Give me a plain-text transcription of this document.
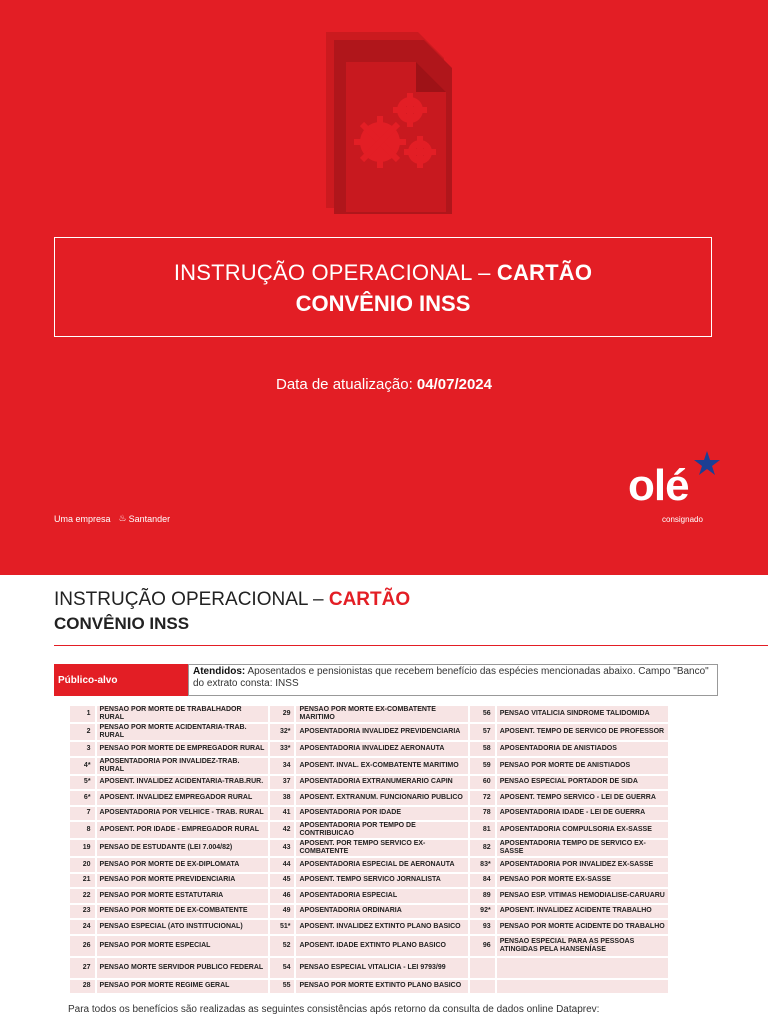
INSTRUÇÃO OPERACIONAL – CARTÃO
CONVÊNIO INSS
Data de atualização: 04/07/2024
Uma empresa ♨ Santander
olé
consignado
INSTRUÇÃO OPERACIONAL – CARTÃO
CONVÊNIO INSS
Público-alvo
Atendidos: Aposentados e pensionistas que recebem benefício das espécies mencionadas abaixo. Campo "Banco" do extrato consta: INSS
1	PENSAO POR MORTE DE TRABALHADOR RURAL	29	PENSAO POR MORTE EX-COMBATENTE MARITIMO	56	PENSAO VITALICIA SINDROME TALIDOMIDA
2	PENSAO POR MORTE ACIDENTARIA-TRAB. RURAL	32*	APOSENTADORIA INVALIDEZ PREVIDENCIARIA	57	APOSENT. TEMPO DE SERVICO DE PROFESSOR
3	PENSAO POR MORTE DE EMPREGADOR RURAL	33*	APOSENTADORIA INVALIDEZ AERONAUTA	58	APOSENTADORIA DE ANISTIADOS
4*	APOSENTADORIA POR INVALIDEZ-TRAB. RURAL	34	APOSENT. INVAL. EX-COMBATENTE MARITIMO	59	PENSAO POR MORTE DE ANISTIADOS
5*	APOSENT. INVALIDEZ ACIDENTARIA-TRAB.RUR.	37	APOSENTADORIA EXTRANUMERARIO CAPIN	60	PENSAO ESPECIAL PORTADOR DE SIDA
6*	APOSENT. INVALIDEZ EMPREGADOR RURAL	38	APOSENT. EXTRANUM. FUNCIONARIO PUBLICO	72	APOSENT. TEMPO SERVICO - LEI DE GUERRA
7	APOSENTADORIA POR VELHICE - TRAB. RURAL	41	APOSENTADORIA POR IDADE	78	APOSENTADORIA IDADE - LEI DE GUERRA
8	APOSENT. POR IDADE - EMPREGADOR RURAL	42	APOSENTADORIA POR TEMPO DE CONTRIBUICAO	81	APOSENTADORIA COMPULSORIA EX-SASSE
19	PENSAO DE ESTUDANTE (LEI 7.004/82)	43	APOSENT. POR TEMPO SERVICO EX-COMBATENTE	82	APOSENTADORIA TEMPO DE SERVICO EX-SASSE
20	PENSAO POR MORTE DE EX-DIPLOMATA	44	APOSENTADORIA ESPECIAL DE AERONAUTA	83*	APOSENTADORIA POR INVALIDEZ EX-SASSE
21	PENSAO POR MORTE PREVIDENCIARIA	45	APOSENT. TEMPO SERVICO JORNALISTA	84	PENSAO POR MORTE EX-SASSE
22	PENSAO POR MORTE ESTATUTARIA	46	APOSENTADORIA ESPECIAL	89	PENSAO ESP. VITIMAS HEMODIALISE-CARUARU
23	PENSAO POR MORTE DE EX-COMBATENTE	49	APOSENTADORIA ORDINARIA	92*	APOSENT. INVALIDEZ ACIDENTE TRABALHO
24	PENSAO ESPECIAL (ATO INSTITUCIONAL)	51*	APOSENT. INVALIDEZ EXTINTO PLANO BASICO	93	PENSAO POR MORTE ACIDENTE DO TRABALHO
26	PENSAO POR MORTE ESPECIAL	52	APOSENT. IDADE EXTINTO PLANO BASICO	96	PENSAO ESPECIAL PARA AS PESSOAS ATINGIDAS PELA HANSENÍASE
27	PENSAO MORTE SERVIDOR PUBLICO FEDERAL	54	PENSAO ESPECIAL VITALICIA - LEI 9793/99		
28	PENSAO POR MORTE REGIME GERAL	55	PENSAO POR MORTE EXTINTO PLANO BASICO		
Para todos os benefícios são realizadas as seguintes consistências após retorno da consulta de dados online Dataprev:
